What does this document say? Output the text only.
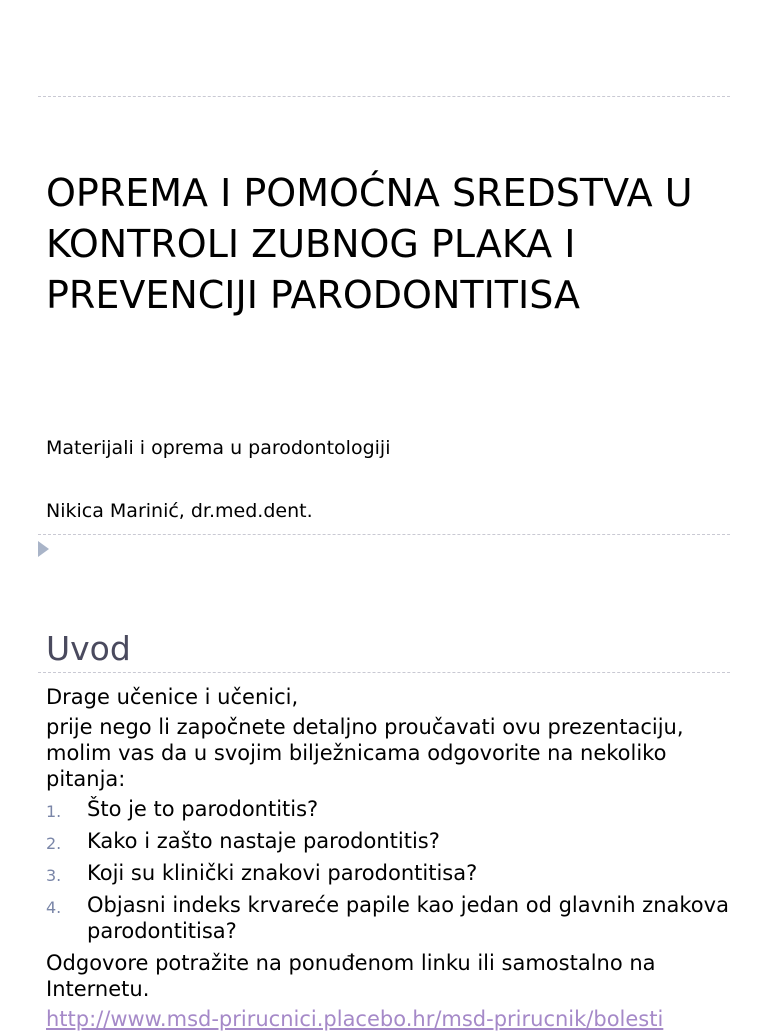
OPREMA I POMOĆNA SREDSTVA U KONTROLI ZUBNOG PLAKA I PREVENCIJI PARODONTITISA

Materijali i oprema u parodontologiji

Nikica Marinić, dr.med.dent.

Uvod

Drage učenice i učenici,

prije nego li započnete detaljno proučavati ovu prezentaciju, molim vas da u svojim bilježnicama odgovorite na nekoliko pitanja:

1. Što je to parodontitis?
2. Kako i zašto nastaje parodontitis?
3. Koji su klinički znakovi parodontitisa?
4. Objasni indeks krvareće papile kao jedan od glavnih znakova parodontitisa?

Odgovore potražite na ponuđenom linku ili samostalno na Internetu.

http://www.msd-prirucnici.placebo.hr/msd-prirucnik/bolesti
